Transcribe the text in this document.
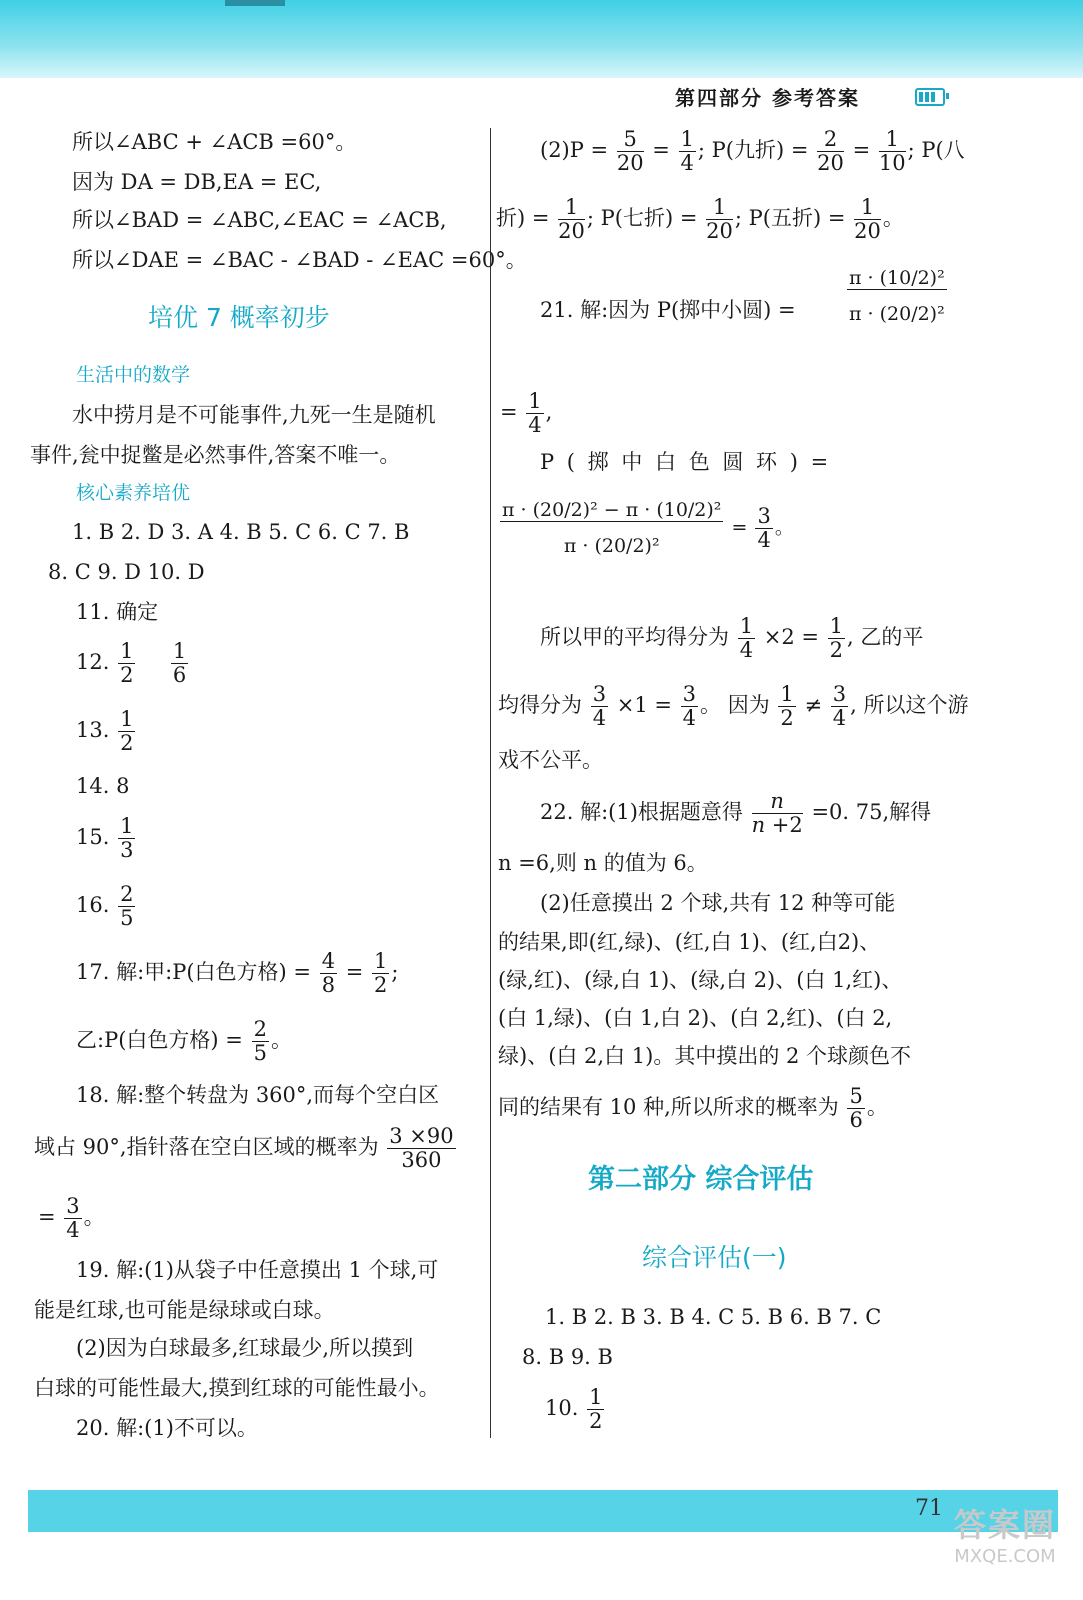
第四部分 参考答案
所以∠ABC + ∠ACB =60°。
因为 DA = DB,EA = EC,
所以∠BAD = ∠ABC,∠EAC = ∠ACB,
所以∠DAE = ∠BAC - ∠BAD - ∠EAC =60°。
培优 7 概率初步
生活中的数学
水中捞月是不可能事件,九死一生是随机
事件,瓮中捉鳖是必然事件,答案不唯一。
核心素养培优
1. B 2. D 3. A 4. B 5. C 6. C 7. B
8. C 9. D 10. D
11. 确定
12. $\frac{1}{2}$
$\frac{1}{6}$
13. $\frac{1}{2}$
14. 8
15. $\frac{1}{3}$
16. $\frac{2}{5}$
17. 解:甲:P(白色方格) = $\frac{4}{8} = \frac{1}{2}$ ;
乙:P(白色方格) = $\frac{2}{5}$ 。
18. 解:整个转盘为 360°,而每个空白区
域占 90°,指针落在空白区域的概率为 $\frac{3 \times 90}{360}$
= $\frac{3}{4}$ 。
19. 解:(1)从袋子中任意摸出 1 个球,可
能是红球,也可能是绿球或白球。
(2)因为白球最多,红球最少,所以摸到
白球的可能性最大,摸到红球的可能性最小。
20. 解:(1)不可以。
$(2)P = \frac{5}{20} = \frac{1}{4}$ ; P(九折) = $\frac{2}{20} = \frac{1}{10}$ ; P(八
折) = $\frac{1}{20}$ ; P(七折) = $\frac{1}{20}$ ; P(五折) = $\frac{1}{20}$ 。
21. 解:因为 P(掷中小圆) =	$\frac{\text{π · (10/2)²}}{\text{π · (20/2)²}}$
= $\frac{1}{4}$ ,
P ( 掷 中 白 色 圆 环 ) =
$\frac{\text{π · (20/2)² − π · (10/2)²}}{\text{π · (20/2)²}} = \frac{3}{4}$ 。
所以甲的平均得分为 $\frac{1}{4} \times 2 = \frac{1}{2}$ , 乙的平
均得分为 $\frac{3}{4} \times 1 = \frac{3}{4}$ 。 因为 $\frac{1}{2} \ne \frac{3}{4}$ , 所以这个游
戏不公平。
22. 解:(1)根据题意得 $\frac{n}{n +2} =0$. 75,解得
n =6,则 n 的值为 6。
(2)任意摸出 2 个球,共有 12 种等可能
的结果,即(红,绿)、(红,白 1)、(红,白2)、
(绿,红)、(绿,白 1)、(绿,白 2)、(白 1,红)、
(白 1,绿)、(白 1,白 2)、(白 2,红)、(白 2,
绿)、(白 2,白 1)。其中摸出的 2 个球颜色不
同的结果有 10 种,所以所求的概率为 $\frac{5}{6}$ 。
第二部分 综合评估
综合评估(一)
1. B 2. B 3. B 4. C 5. B 6. B 7. C
8. B 9. B
10. $\frac{1}{2}$
71 答案圈
MXQE.COM
